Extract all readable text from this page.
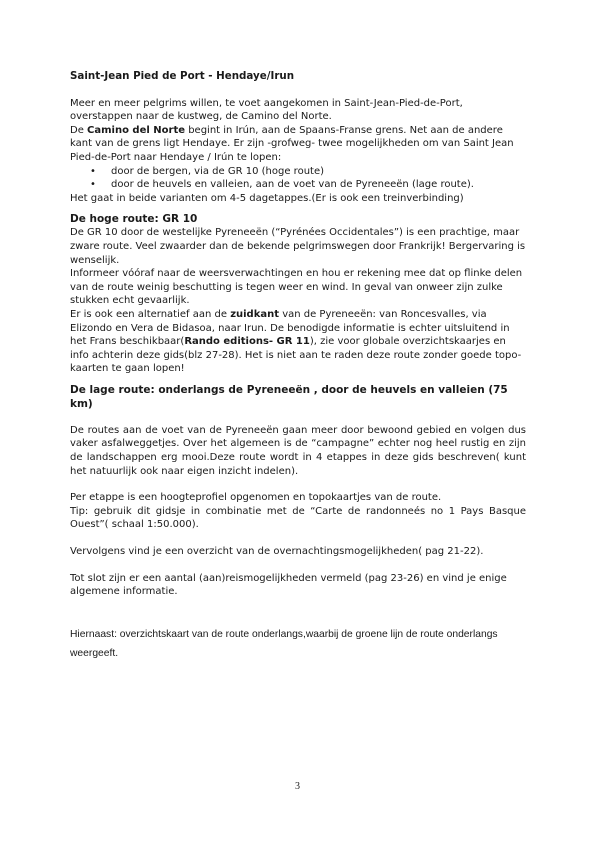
Saint-Jean Pied de Port - Hendaye/Irun

Meer en meer pelgrims willen, te voet aangekomen in Saint-Jean-Pied-de-Port, overstappen naar de kustweg, de Camino del Norte.

De Camino del Norte begint in Irún, aan de Spaans-Franse grens. Net aan de andere kant van de grens ligt Hendaye. Er zijn -grofweg- twee mogelijkheden om van Saint Jean Pied-de-Port naar Hendaye / Irún te lopen:

• door de bergen, via de GR 10 (hoge route)
• door de heuvels en valleien, aan de voet van de Pyreneeën (lage route).

Het gaat in beide varianten om 4-5 dagetappes.(Er is ook een treinverbinding)

De hoge route: GR 10

De GR 10 door de westelijke Pyreneeën (“Pyrénées Occidentales”) is een prachtige, maar zware route. Veel zwaarder dan de bekende pelgrimswegen door Frankrijk! Bergervaring is wenselijk.

Informeer vóóraf naar de weersverwachtingen en hou er rekening mee dat op flinke delen van de route weinig beschutting is tegen weer en wind. In geval van onweer zijn zulke stukken echt gevaarlijk.

Er is ook een alternatief aan de zuidkant van de Pyreneeën: van Roncesvalles, via Elizondo en Vera de Bidasoa, naar Irun. De benodigde informatie is echter uitsluitend in het Frans beschikbaar(Rando editions- GR 11), zie voor globale overzichtskaarjes en info achterin deze gids(blz 27-28). Het is niet aan te raden deze route zonder goede topo- kaarten te gaan lopen!

De lage route: onderlangs de Pyreneeën , door de heuvels en valleien (75 km)

De routes aan de voet van de Pyreneeën gaan meer door bewoond gebied en volgen dus vaker asfalweggetjes. Over het algemeen is de “campagne” echter nog heel rustig en zijn de landschappen erg mooi.Deze route wordt in 4 etappes in deze gids beschreven( kunt het natuurlijk ook naar eigen inzicht indelen).

Per etappe is een hoogteprofiel opgenomen en topokaartjes van de route.

Tip: gebruik dit gidsje in combinatie met de “Carte de randonneés no 1 Pays Basque Ouest”( schaal 1:50.000).

Vervolgens vind je een overzicht van de overnachtingsmogelijkheden( pag 21-22).

Tot slot zijn er een aantal (aan)reismogelijkheden vermeld (pag 23-26) en vind je enige algemene informatie.

Hiernaast: overzichtskaart van de route onderlangs,waarbij de groene lijn de route onderlangs weergeeft.

3
